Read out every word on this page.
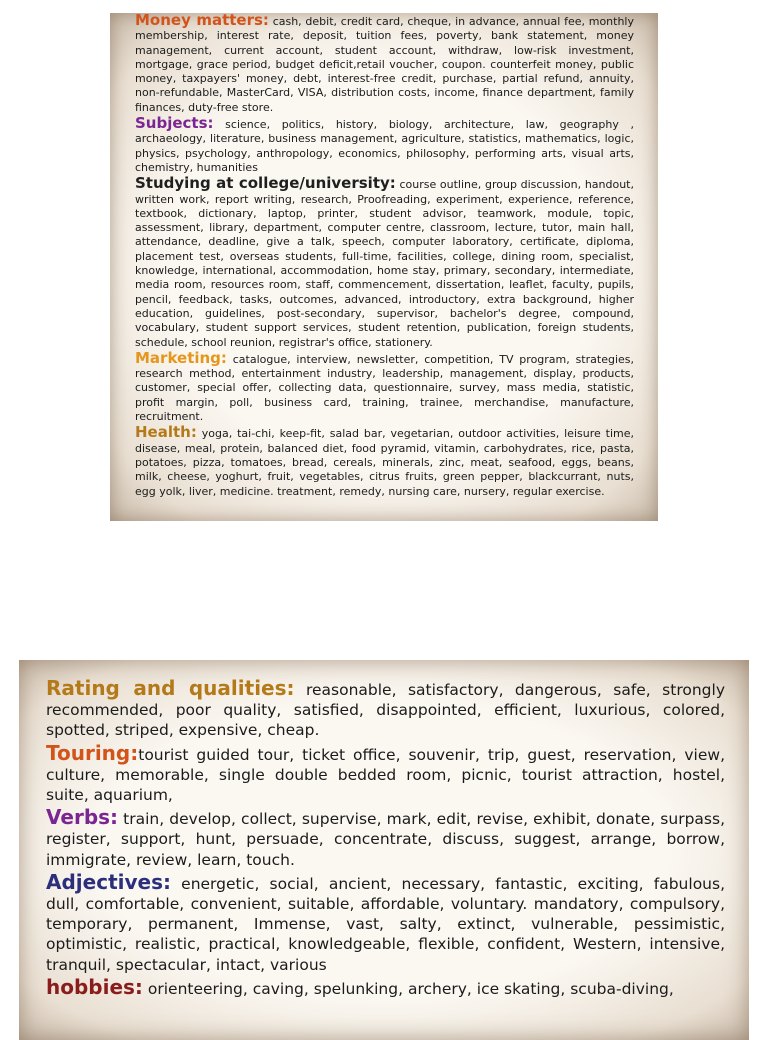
Money matters: cash, debit, credit card, cheque, in advance, annual fee, monthly membership, interest rate, deposit, tuition fees, poverty, bank statement, money management, current account, student account, withdraw, low-risk investment, mortgage, grace period, budget deficit,retail voucher, coupon. counterfeit money, public money, taxpayers' money, debt, interest-free credit, purchase, partial refund, annuity, non-refundable, MasterCard, VISA, distribution costs, income, finance department, family finances, duty-free store.

Subjects: science, politics, history, biology, architecture, law, geography , archaeology, literature, business management, agriculture, statistics, mathematics, logic, physics, psychology, anthropology, economics, philosophy, performing arts, visual arts, chemistry, humanities

Studying at college/university: course outline, group discussion, handout, written work, report writing, research, Proofreading, experiment, experience, reference, textbook, dictionary, laptop, printer, student advisor, teamwork, module, topic, assessment, library, department, computer centre, classroom, lecture, tutor, main hall, attendance, deadline, give a talk, speech, computer laboratory, certificate, diploma, placement test, overseas students, full-time, facilities, college, dining room, specialist, knowledge, international, accommodation, home stay, primary, secondary, intermediate, media room, resources room, staff, commencement, dissertation, leaflet, faculty, pupils, pencil, feedback, tasks, outcomes, advanced, introductory, extra background, higher education, guidelines, post-secondary, supervisor, bachelor's degree, compound, vocabulary, student support services, student retention, publication, foreign students, schedule, school reunion, registrar's office, stationery.

Marketing: catalogue, interview, newsletter, competition, TV program, strategies, research method, entertainment industry, leadership, management, display, products, customer, special offer, collecting data, questionnaire, survey, mass media, statistic, profit margin, poll, business card, training, trainee, merchandise, manufacture, recruitment.

Health: yoga, tai-chi, keep-fit, salad bar, vegetarian, outdoor activities, leisure time, disease, meal, protein, balanced diet, food pyramid, vitamin, carbohydrates, rice, pasta, potatoes, pizza, tomatoes, bread, cereals, minerals, zinc, meat, seafood, eggs, beans, milk, cheese, yoghurt, fruit, vegetables, citrus fruits, green pepper, blackcurrant, nuts, egg yolk, liver, medicine. treatment, remedy, nursing care, nursery, regular exercise.

Rating and qualities: reasonable, satisfactory, dangerous, safe, strongly recommended, poor quality, satisfied, disappointed, efficient, luxurious, colored, spotted, striped, expensive, cheap.

Touring:tourist guided tour, ticket office, souvenir, trip, guest, reservation, view, culture, memorable, single double bedded room, picnic, tourist attraction, hostel, suite, aquarium,

Verbs: train, develop, collect, supervise, mark, edit, revise, exhibit, donate, surpass, register, support, hunt, persuade, concentrate, discuss, suggest, arrange, borrow, immigrate, review, learn, touch.

Adjectives: energetic, social, ancient, necessary, fantastic, exciting, fabulous, dull, comfortable, convenient, suitable, affordable, voluntary. mandatory, compulsory, temporary, permanent, Immense, vast, salty, extinct, vulnerable, pessimistic, optimistic, realistic, practical, knowledgeable, flexible, confident, Western, intensive, tranquil, spectacular, intact, various

hobbies: orienteering, caving, spelunking, archery, ice skating, scuba-diving,
